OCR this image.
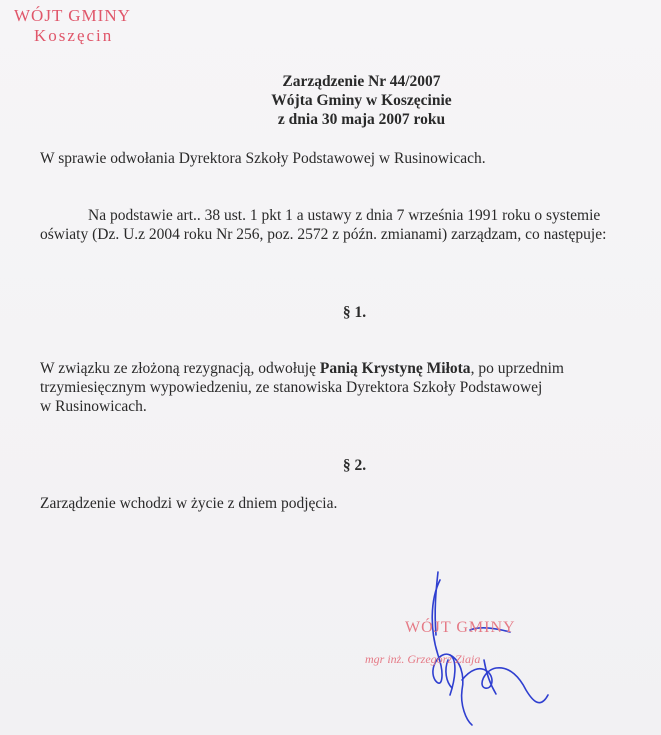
WÓJT GMINY
Koszęcin
Zarządzenie Nr 44/2007
Wójta Gminy w Koszęcinie
z dnia 30 maja 2007 roku
W sprawie odwołania Dyrektora Szkoły Podstawowej w Rusinowicach.
Na podstawie art.. 38 ust. 1 pkt 1 a ustawy z dnia 7 września 1991 roku o systemie
oświaty (Dz. U.z 2004 roku Nr 256, poz. 2572 z późn. zmianami) zarządzam, co następuje:
§ 1.
W związku ze złożoną rezygnacją, odwołuję Panią Krystynę Miłota, po uprzednim
trzymiesięcznym wypowiedzeniu, ze stanowiska Dyrektora Szkoły Podstawowej
w Rusinowicach.
§ 2.
Zarządzenie wchodzi w życie z dniem podjęcia.
WÓJT GMINY
mgr inż. Grzegorz Ziaja
